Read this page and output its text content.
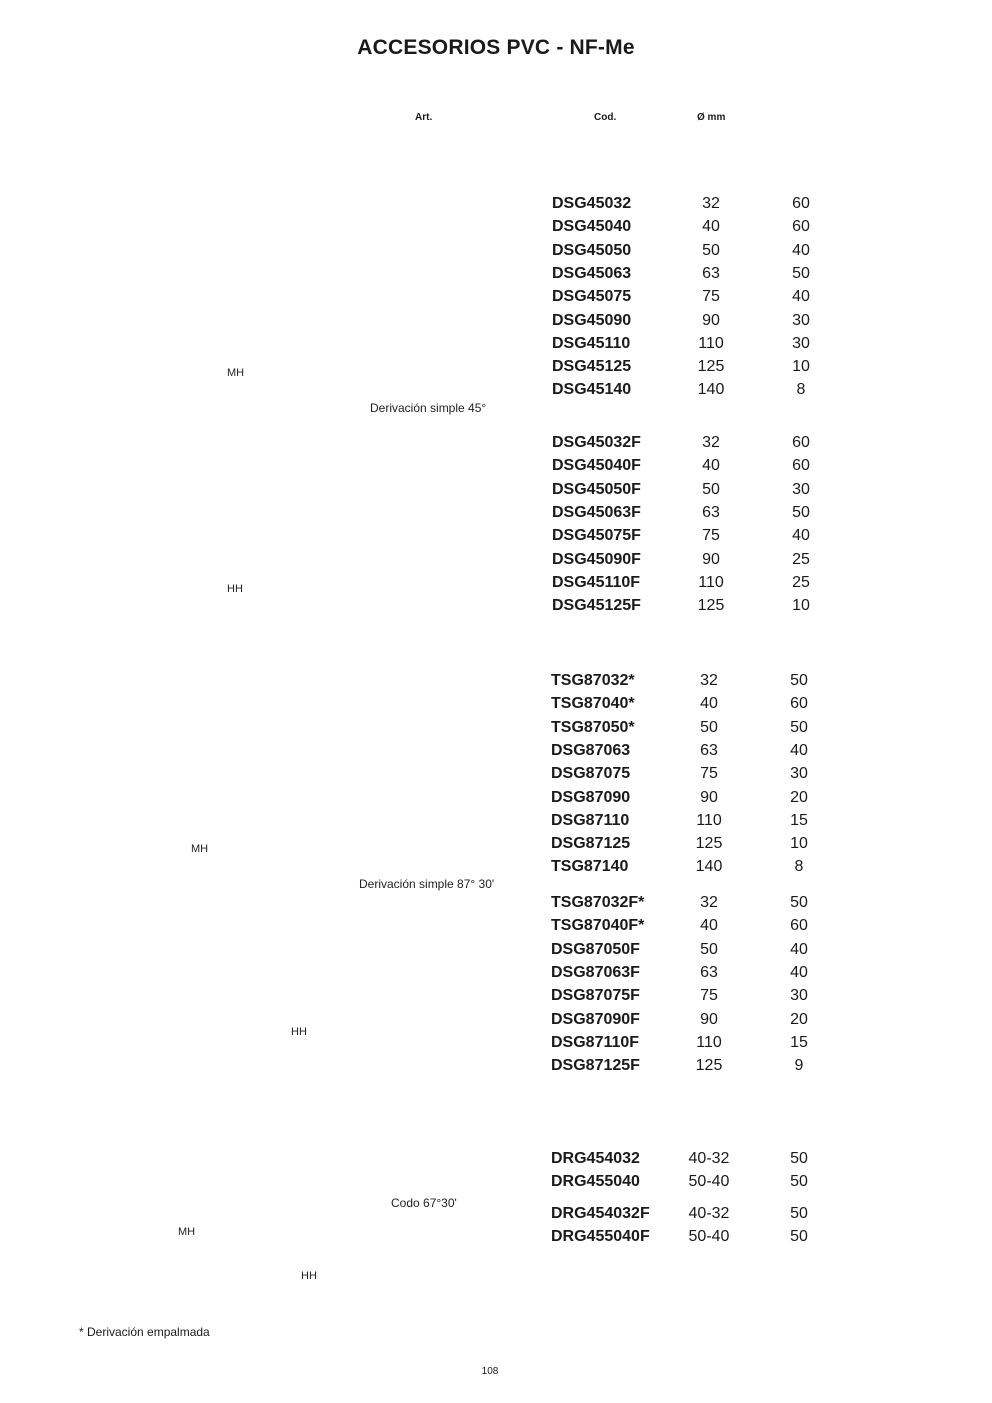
ACCESORIOS PVC - NF-Me
Art.	Cod.	Ø mm
MH
Derivación simple 45°
HH
MH
Derivación simple 87° 30'
HH
Codo 67°30'
MH
HH
* Derivación empalmada
108
DSG45032	32	60
DSG45040	40	60
DSG45050	50	40
DSG45063	63	50
DSG45075	75	40
DSG45090	90	30
DSG45110	110	30
DSG45125	125	10
DSG45140	140	8
DSG45032F	32	60
DSG45040F	40	60
DSG45050F	50	30
DSG45063F	63	50
DSG45075F	75	40
DSG45090F	90	25
DSG45110F	110	25
DSG45125F	125	10
TSG87032*	32	50
TSG87040*	40	60
TSG87050*	50	50
DSG87063	63	40
DSG87075	75	30
DSG87090	90	20
DSG87110	110	15
DSG87125	125	10
TSG87140	140	8
TSG87032F*	32	50
TSG87040F*	40	60
DSG87050F	50	40
DSG87063F	63	40
DSG87075F	75	30
DSG87090F	90	20
DSG87110F	110	15
DSG87125F	125	9
DRG454032	40-32	50
DRG455040	50-40	50
DRG454032F	40-32	50
DRG455040F	50-40	50
